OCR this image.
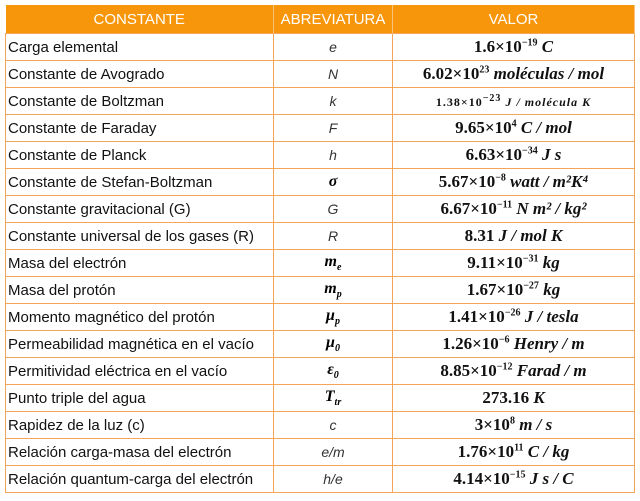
CONSTANTE	ABREVIATURA	VALOR
Carga elemental	e	$1.6\times 10^{-19}$ C
Constante de Avogrado	N	$6.02\times 10^{23}$ moléculas / mol
Constante de Boltzman	k	$1.38\times 10^{-23}$ J / molécula K
Constante de Faraday	F	$9.65\times 10^4$ C / mol
Constante de Planck	h	$6.63\times 10^{-34}$ J s
Constante de Stefan-Boltzman	σ	$5.67\times 10^{-8}$ watt / m²K⁴
Constante gravitacional (G)	G	$6.67\times 10^{-11}$ N m² / kg²
Constante universal de los gases (R)	R	8.31 J / mol K
Masa del electrón	$m_e$	$9.11\times 10^{-31}$ kg
Masa del protón	$m_p$	$1.67\times 10^{-27}$ kg
Momento magnético del protón	$\mu_p$	$1.41\times 10^{-26}$ J / tesla
Permeabilidad magnética en el vacío	$\mu_0$	$1.26\times 10^{-6}$ Henry / m
Permitividad eléctrica en el vacío	$\varepsilon_0$	$8.85\times 10^{-12}$ Farad / m
Punto triple del agua	$T_{tr}$	273.16 K
Rapidez de la luz (c)	c	$3\times 10^8$ m / s
Relación carga-masa del electrón	e/m	$1.76\times 10^{11}$ C / kg
Relación quantum-carga del electrón	h/e	$4.14\times 10^{-15}$ J s / C
